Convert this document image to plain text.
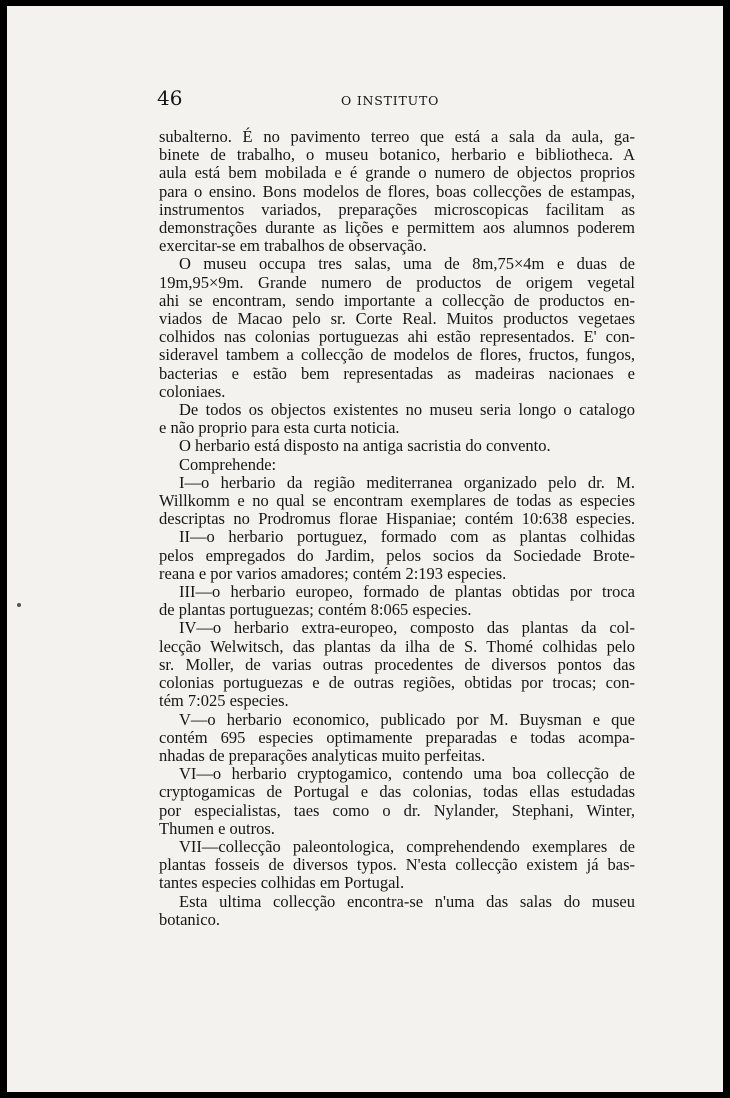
46	O INSTITUTO
subalterno. É no pavimento terreo que está a sala da aula, ga-
binete de trabalho, o museu botanico, herbario e bibliotheca. A
aula está bem mobilada e é grande o numero de objectos proprios
para o ensino. Bons modelos de flores, boas collecções de estampas,
instrumentos variados, preparações microscopicas facilitam as
demonstrações durante as lições e permittem aos alumnos poderem
exercitar-se em trabalhos de observação.
O museu occupa tres salas, uma de 8m,75×4m e duas de
19m,95×9m. Grande numero de productos de origem vegetal
ahi se encontram, sendo importante a collecção de productos en-
viados de Macao pelo sr. Corte Real. Muitos productos vegetaes
colhidos nas colonias portuguezas ahi estão representados. E' con-
sideravel tambem a collecção de modelos de flores, fructos, fungos,
bacterias e estão bem representadas as madeiras nacionaes e
coloniaes.
De todos os objectos existentes no museu seria longo o catalogo
e não proprio para esta curta noticia.
O herbario está disposto na antiga sacristia do convento.
Comprehende:
I—o herbario da região mediterranea organizado pelo dr. M.
Willkomm e no qual se encontram exemplares de todas as especies
descriptas no Prodromus florae Hispaniae; contém 10:638 especies.
II—o herbario portuguez, formado com as plantas colhidas
pelos empregados do Jardim, pelos socios da Sociedade Brote-
reana e por varios amadores; contém 2:193 especies.
III—o herbario europeo, formado de plantas obtidas por troca
de plantas portuguezas; contém 8:065 especies.
IV—o herbario extra-europeo, composto das plantas da col-
lecção Welwitsch, das plantas da ilha de S. Thomé colhidas pelo
sr. Moller, de varias outras procedentes de diversos pontos das
colonias portuguezas e de outras regiões, obtidas por trocas; con-
tém 7:025 especies.
V—o herbario economico, publicado por M. Buysman e que
contém 695 especies optimamente preparadas e todas acompa-
nhadas de preparações analyticas muito perfeitas.
VI—o herbario cryptogamico, contendo uma boa collecção de
cryptogamicas de Portugal e das colonias, todas ellas estudadas
por especialistas, taes como o dr. Nylander, Stephani, Winter,
Thumen e outros.
VII—collecção paleontologica, comprehendendo exemplares de
plantas fosseis de diversos typos. N'esta collecção existem já bas-
tantes especies colhidas em Portugal.
Esta ultima collecção encontra-se n'uma das salas do museu
botanico.
